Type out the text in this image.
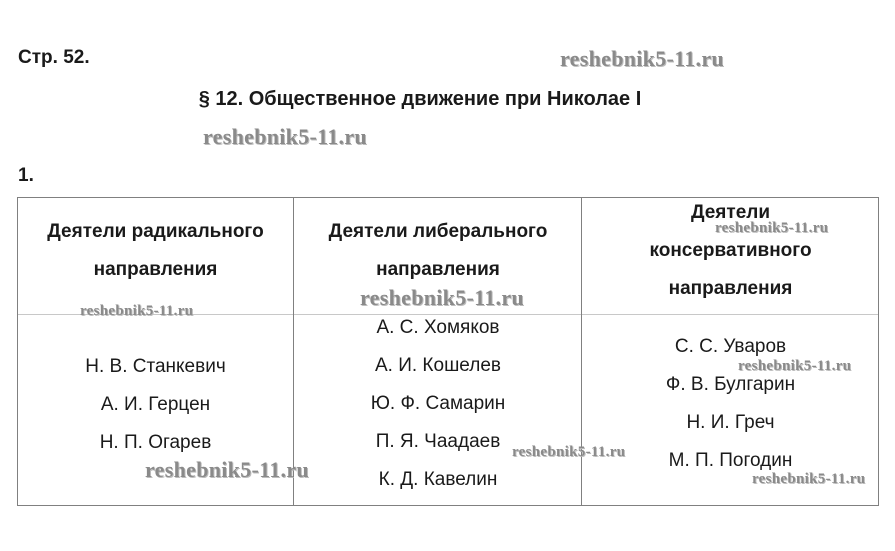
Стр. 52.	reshebnik5-11.ru
§ 12. Общественное движение при Николае I
reshebnik5-11.ru
1.
Деятели радикального
направления
Н. В. Станкевич
А. И. Герцен
Н. П. Огарев
Деятели либерального
направления
А. С. Хомяков
А. И. Кошелев
Ю. Ф. Самарин
П. Я. Чаадаев
К. Д. Кавелин
Деятели
консервативного
направления
С. С. Уваров
Ф. В. Булгарин
Н. И. Греч
М. П. Погодин
reshebnik5-11.ru
reshebnik5-11.ru
reshebnik5-11.ru
reshebnik5-11.ru
reshebnik5-11.ru
reshebnik5-11.ru	reshebnik5-11.ru
